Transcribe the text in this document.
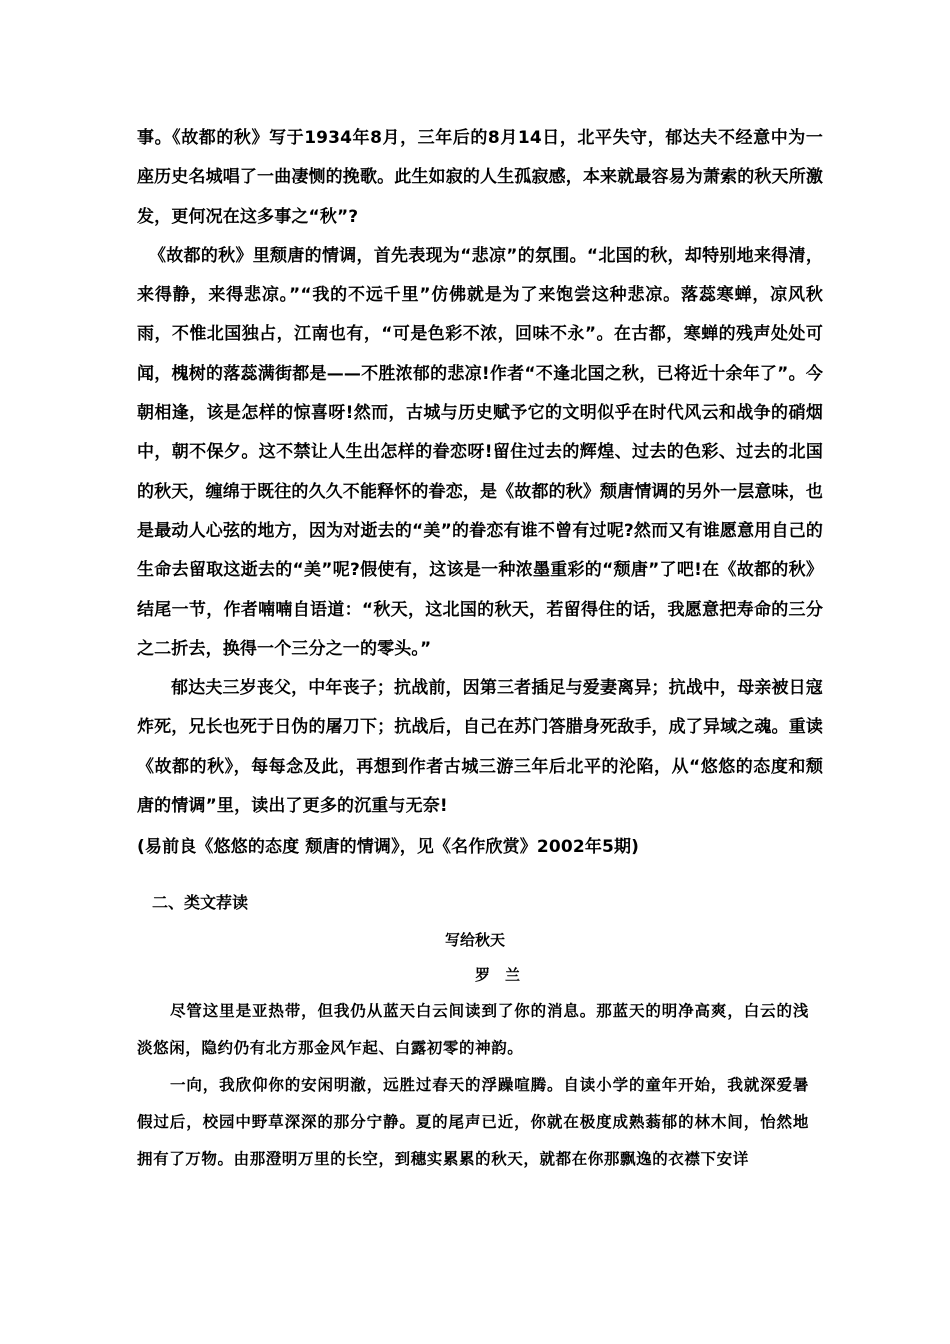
事。《故都的秋》写于1934年8月，三年后的8月14日，北平失守，郁达夫不经意中为一座历史名城唱了一曲凄恻的挽歌。此生如寂的人生孤寂感，本来就最容易为萧索的秋天所激发，更何况在这多事之“秋”?

《故都的秋》里颓唐的情调，首先表现为“悲凉”的氛围。“北国的秋，却特别地来得清，来得静，来得悲凉。”“我的不远千里”仿佛就是为了来饱尝这种悲凉。落蕊寒蝉，凉风秋雨，不惟北国独占，江南也有，“可是色彩不浓，回味不永”。在古都，寒蝉的残声处处可闻，槐树的落蕊满街都是——不胜浓郁的悲凉!作者“不逢北国之秋，已将近十余年了”。今朝相逢，该是怎样的惊喜呀!然而，古城与历史赋予它的文明似乎在时代风云和战争的硝烟中，朝不保夕。这不禁让人生出怎样的眷恋呀!留住过去的辉煌、过去的色彩、过去的北国的秋天，缠绵于既往的久久不能释怀的眷恋，是《故都的秋》颓唐情调的另外一层意味，也是最动人心弦的地方，因为对逝去的“美”的眷恋有谁不曾有过呢?然而又有谁愿意用自己的生命去留取这逝去的“美”呢?假使有，这该是一种浓墨重彩的“颓唐”了吧!在《故都的秋》结尾一节，作者喃喃自语道：“秋天，这北国的秋天，若留得住的话，我愿意把寿命的三分之二折去，换得一个三分之一的零头。”

郁达夫三岁丧父，中年丧子；抗战前，因第三者插足与爱妻离异；抗战中，母亲被日寇炸死，兄长也死于日伪的屠刀下；抗战后，自己在苏门答腊身死敌手，成了异域之魂。重读《故都的秋》，每每念及此，再想到作者古城三游三年后北平的沦陷，从“悠悠的态度和颓唐的情调”里，读出了更多的沉重与无奈!

(易前良《悠悠的态度 颓唐的情调》，见《名作欣赏》2002年5期)

二、类文荐读
写给秋天
罗　兰

尽管这里是亚热带，但我仍从蓝天白云间读到了你的消息。那蓝天的明净高爽，白云的浅淡悠闲，隐约仍有北方那金风乍起、白露初零的神韵。

一向，我欣仰你的安闲明澈，远胜过春天的浮躁喧腾。自读小学的童年开始，我就深爱暑假过后，校园中野草深深的那分宁静。夏的尾声已近，你就在极度成熟蓊郁的林木间，怡然地拥有了万物。由那澄明万里的长空，到穗实累累的秋天，就都在你那飘逸的衣襟下安详
